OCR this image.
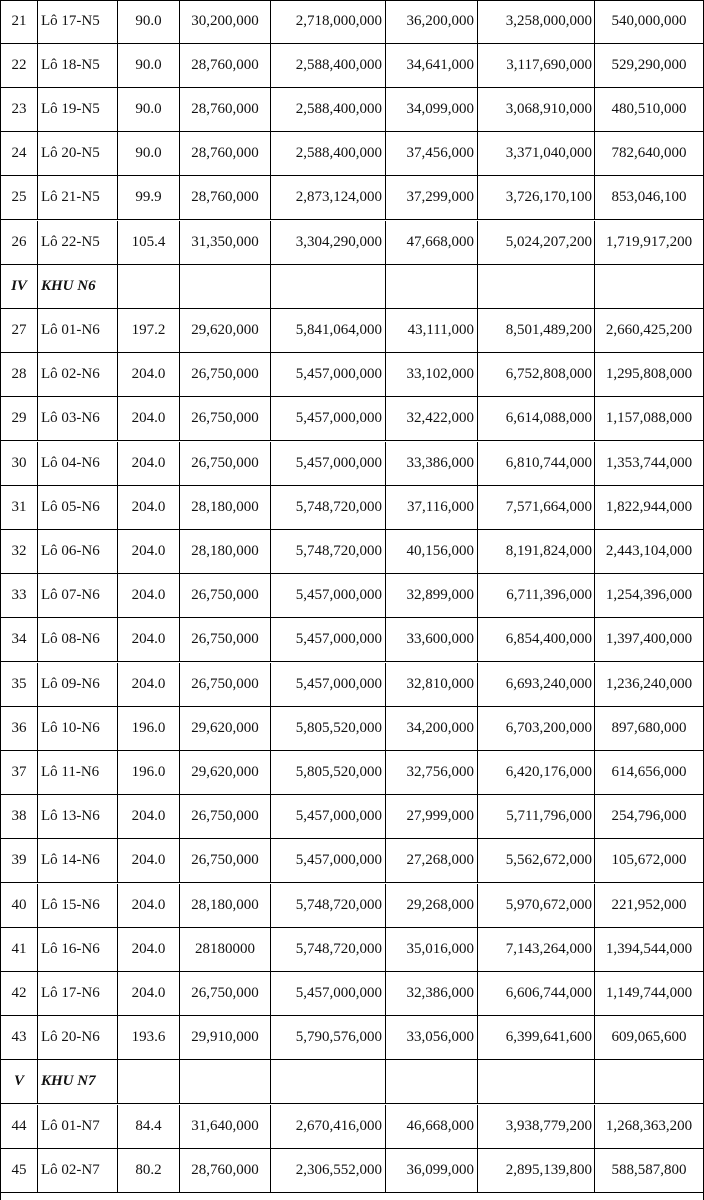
21 Lô 17-N5	90.0	30,200,000	2,718,000,000	36,200,000	3,258,000,000	540,000,000
22 Lô 18-N5	90.0	28,760,000	2,588,400,000	34,641,000	3,117,690,000	529,290,000
23 Lô 19-N5	90.0	28,760,000	2,588,400,000	34,099,000	3,068,910,000	480,510,000
24 Lô 20-N5	90.0	28,760,000	2,588,400,000	37,456,000	3,371,040,000	782,640,000
25 Lô 21-N5	99.9	28,760,000	2,873,124,000	37,299,000	3,726,170,100	853,046,100
26 Lô 22-N5	105.4	31,350,000	3,304,290,000	47,668,000	5,024,207,200 1,719,917,200
IV KHU N6
27 Lô 01-N6	197.2	29,620,000	5,841,064,000	43,111,000	8,501,489,200 2,660,425,200
28 Lô 02-N6	204.0	26,750,000	5,457,000,000	33,102,000	6,752,808,000 1,295,808,000
29 Lô 03-N6	204.0	26,750,000	5,457,000,000	32,422,000	6,614,088,000 1,157,088,000
30 Lô 04-N6	204.0	26,750,000	5,457,000,000	33,386,000	6,810,744,000 1,353,744,000
31 Lô 05-N6	204.0	28,180,000	5,748,720,000	37,116,000	7,571,664,000 1,822,944,000
32 Lô 06-N6	204.0	28,180,000	5,748,720,000	40,156,000	8,191,824,000 2,443,104,000
33 Lô 07-N6	204.0	26,750,000	5,457,000,000	32,899,000	6,711,396,000 1,254,396,000
34 Lô 08-N6	204.0	26,750,000	5,457,000,000	33,600,000	6,854,400,000 1,397,400,000
35 Lô 09-N6	204.0	26,750,000	5,457,000,000	32,810,000	6,693,240,000 1,236,240,000
36 Lô 10-N6	196.0	29,620,000	5,805,520,000	34,200,000	6,703,200,000	897,680,000
37 Lô 11-N6	196.0	29,620,000	5,805,520,000	32,756,000	6,420,176,000	614,656,000
38 Lô 13-N6	204.0	26,750,000	5,457,000,000	27,999,000	5,711,796,000	254,796,000
39 Lô 14-N6	204.0	26,750,000	5,457,000,000	27,268,000	5,562,672,000	105,672,000
40 Lô 15-N6	204.0	28,180,000	5,748,720,000	29,268,000	5,970,672,000	221,952,000
41 Lô 16-N6	204.0	28180000	5,748,720,000	35,016,000	7,143,264,000 1,394,544,000
42 Lô 17-N6	204.0	26,750,000	5,457,000,000	32,386,000	6,606,744,000 1,149,744,000
43 Lô 20-N6	193.6	29,910,000	5,790,576,000	33,056,000	6,399,641,600	609,065,600
V	KHU N7
44 Lô 01-N7	84.4	31,640,000	2,670,416,000	46,668,000	3,938,779,200 1,268,363,200
45 Lô 02-N7	80.2	28,760,000	2,306,552,000	36,099,000	2,895,139,800	588,587,800
